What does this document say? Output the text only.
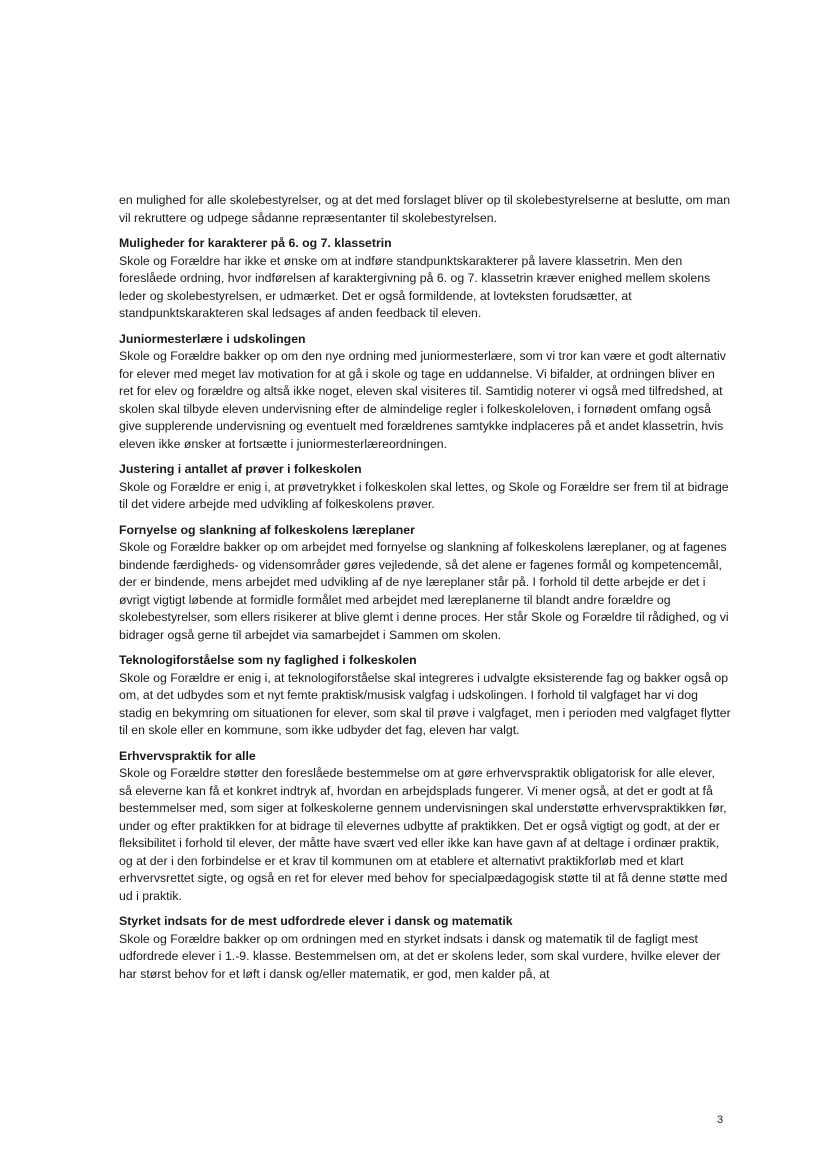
en mulighed for alle skolebestyrelser, og at det med forslaget bliver op til skolebestyrelserne at beslutte, om man vil rekruttere og udpege sådanne repræsentanter til skolebestyrelsen.

Muligheder for karakterer på 6. og 7. klassetrin

Skole og Forældre har ikke et ønske om at indføre standpunktskarakterer på lavere klassetrin. Men den foreslåede ordning, hvor indførelsen af karaktergivning på 6. og 7. klassetrin kræver enighed mellem skolens leder og skolebestyrelsen, er udmærket. Det er også formildende, at lovteksten forudsætter, at standpunktskarakteren skal ledsages af anden feedback til eleven.

Juniormesterlære i udskolingen

Skole og Forældre bakker op om den nye ordning med juniormesterlære, som vi tror kan være et godt alternativ for elever med meget lav motivation for at gå i skole og tage en uddannelse. Vi bifalder, at ordningen bliver en ret for elev og forældre og altså ikke noget, eleven skal visiteres til. Samtidig noterer vi også med tilfredshed, at skolen skal tilbyde eleven undervisning efter de almindelige regler i folkeskoleloven, i fornødent omfang også give supplerende undervisning og eventuelt med forældrenes samtykke indplaceres på et andet klassetrin, hvis eleven ikke ønsker at fortsætte i juniormesterlæreordningen.

Justering i antallet af prøver i folkeskolen

Skole og Forældre er enig i, at prøvetrykket i folkeskolen skal lettes, og Skole og Forældre ser frem til at bidrage til det videre arbejde med udvikling af folkeskolens prøver.

Fornyelse og slankning af folkeskolens læreplaner

Skole og Forældre bakker op om arbejdet med fornyelse og slankning af folkeskolens læreplaner, og at fagenes bindende færdigheds- og vidensområder gøres vejledende, så det alene er fagenes formål og kompetencemål, der er bindende, mens arbejdet med udvikling af de nye læreplaner står på. I forhold til dette arbejde er det i øvrigt vigtigt løbende at formidle formålet med arbejdet med læreplanerne til blandt andre forældre og skolebestyrelser, som ellers risikerer at blive glemt i denne proces. Her står Skole og Forældre til rådighed, og vi bidrager også gerne til arbejdet via samarbejdet i Sammen om skolen.

Teknologiforståelse som ny faglighed i folkeskolen

Skole og Forældre er enig i, at teknologiforståelse skal integreres i udvalgte eksisterende fag og bakker også op om, at det udbydes som et nyt femte praktisk/musisk valgfag i udskolingen. I forhold til valgfaget har vi dog stadig en bekymring om situationen for elever, som skal til prøve i valgfaget, men i perioden med valgfaget flytter til en skole eller en kommune, som ikke udbyder det fag, eleven har valgt.

Erhvervspraktik for alle

Skole og Forældre støtter den foreslåede bestemmelse om at gøre erhvervspraktik obligatorisk for alle elever, så eleverne kan få et konkret indtryk af, hvordan en arbejdsplads fungerer. Vi mener også, at det er godt at få bestemmelser med, som siger at folkeskolerne gennem undervisningen skal understøtte erhvervspraktikken før, under og efter praktikken for at bidrage til elevernes udbytte af praktikken. Det er også vigtigt og godt, at der er fleksibilitet i forhold til elever, der måtte have svært ved eller ikke kan have gavn af at deltage i ordinær praktik, og at der i den forbindelse er et krav til kommunen om at etablere et alternativt praktikforløb med et klart erhvervsrettet sigte, og også en ret for elever med behov for specialpædagogisk støtte til at få denne støtte med ud i praktik.

Styrket indsats for de mest udfordrede elever i dansk og matematik

Skole og Forældre bakker op om ordningen med en styrket indsats i dansk og matematik til de fagligt mest udfordrede elever i 1.-9. klasse. Bestemmelsen om, at det er skolens leder, som skal vurdere, hvilke elever der har størst behov for et løft i dansk og/eller matematik, er god, men kalder på, at

3
